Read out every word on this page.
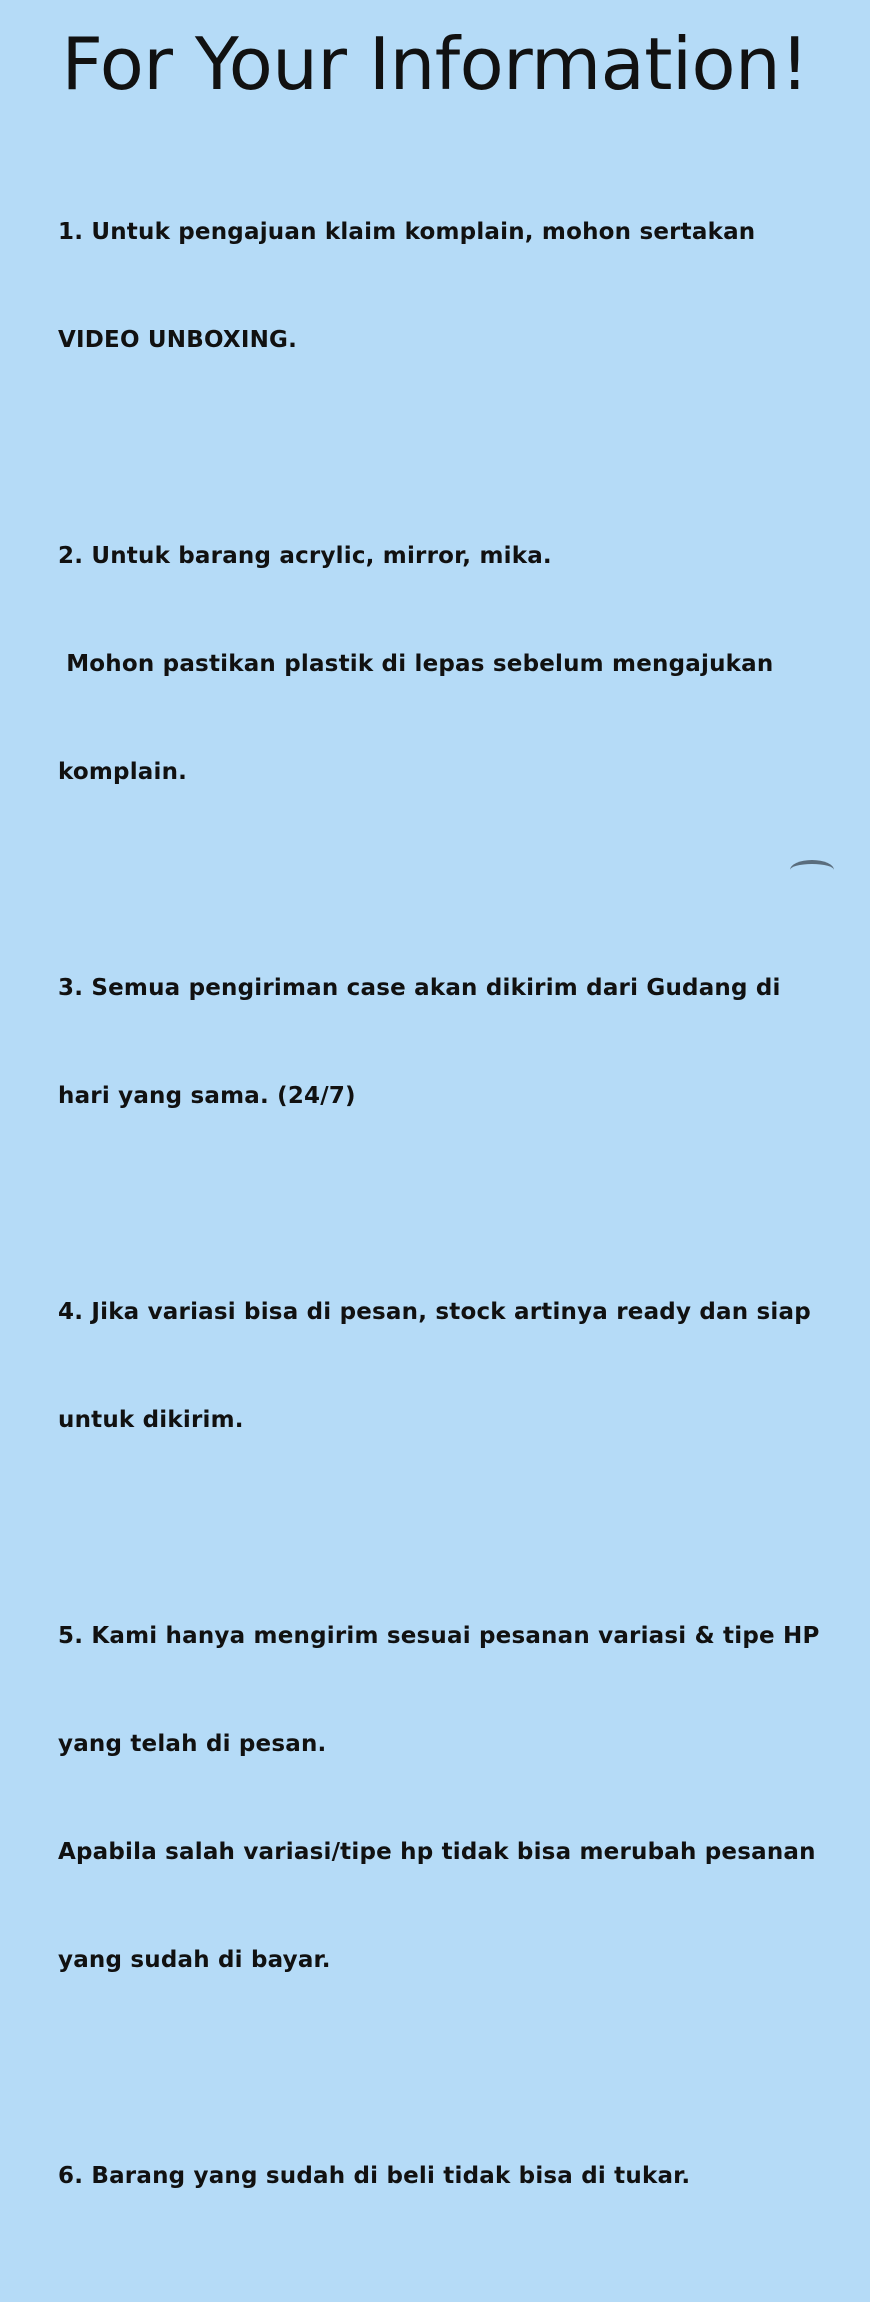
For Your Information!

1. Untuk pengajuan klaim komplain, mohon sertakan

VIDEO UNBOXING.

2. Untuk barang acrylic, mirror, mika.

Mohon pastikan plastik di lepas sebelum mengajukan

komplain.

3. Semua pengiriman case akan dikirim dari Gudang di

hari yang sama. (24/7)

4. Jika variasi bisa di pesan, stock artinya ready dan siap

untuk dikirim.

5. Kami hanya mengirim sesuai pesanan variasi & tipe HP

yang telah di pesan.

Apabila salah variasi/tipe hp tidak bisa merubah pesanan

yang sudah di bayar.

6. Barang yang sudah di beli tidak bisa di tukar.
